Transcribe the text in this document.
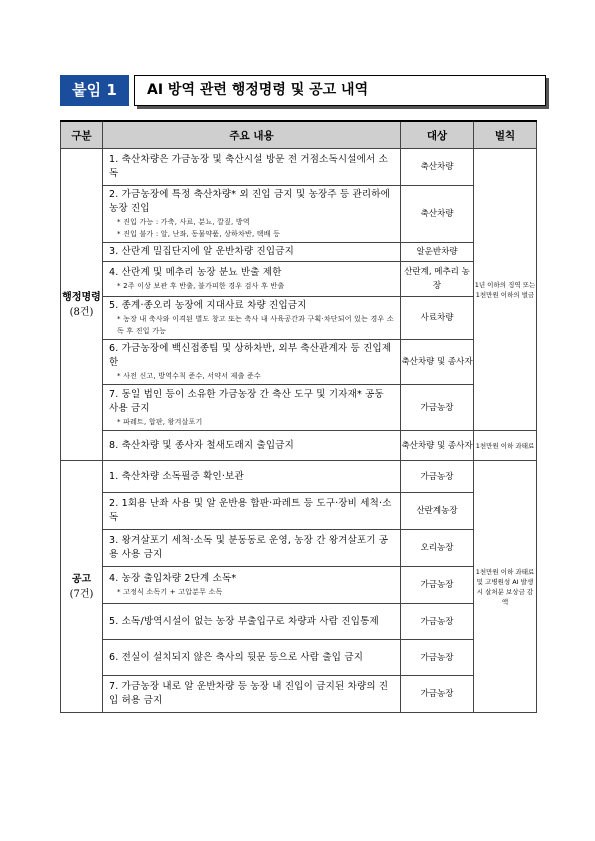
붙임 1	AI 방역 관련 행정명령 및 공고 내역
구분	주요 내용	대상	벌칙

행정명령
(8건)	1. 축산차량은 가금농장 및 축산시설 방문 전 거점소독시설에서 소독	축산차량	1년 이하의 징역 또는 1천만원 이하의 벌금

	2. 가금농장에 특정 축산차량* 외 진입 금지 및 농장주 등 관리하에 농장 진입
* 진입 가능 : 가축, 사료, 분뇨, 깔짚, 방역
* 진입 불가 : 알, 난좌, 동물약품, 상하차반, 택배 등	축산차량	

	3. 산란계 밀집단지에 알 운반차량 진입금지	알운반차량	

	4. 산란계 및 메추리 농장 분뇨 반출 제한
* 2주 이상 보관 후 반출, 불가피한 경우 검사 후 반출	산란계, 메추리 농장	

	5. 종계·종오리 농장에 지대사료 차량 진입금지
* 농장 내 축사와 이격된 별도 창고 또는 축사 내 사육공간과 구획·차단되어 있는 경우 소독 후 진입 가능	사료차량	

	6. 가금농장에 백신접종팀 및 상하차반, 외부 축산관계자 등 진입제한
* 사전 신고, 방역수칙 준수, 서약서 제출 준수	축산차량 및 종사자	

	7. 동일 법인 등이 소유한 가금농장 간 축산 도구 및 기자재* 공동 사용 금지
* 파레트, 합판, 왕겨살포기	가금농장	

	8. 축산차량 및 종사자 철새도래지 출입금지	축산차량 및 종사자	1천만원 이하 과태료

공고
(7건)	1. 축산차량 소독필증 확인·보관	가금농장	1천만원 이하 과태료 및 고병원성 AI 발생시 살처분 보상금 감액

	2. 1회용 난좌 사용 및 알 운반용 합판·파레트 등 도구·장비 세척·소독	산란계농장	

	3. 왕겨살포기 세척·소독 및 분동동로 운영, 농장 간 왕겨살포기 공용 사용 금지	오리농장	

	4. 농장 출입차량 2단계 소독*
* 고정식 소독기 + 고압분무 소독	가금농장	

	5. 소독/방역시설이 없는 농장 부출입구로 차량과 사람 진입통제	가금농장	

	6. 전실이 설치되지 않은 축사의 뒷문 등으로 사람 출입 금지	가금농장	

	7. 가금농장 내로 알 운반차량 등 농장 내 진입이 금지된 차량의 진입 허용 금지	가금농장	
